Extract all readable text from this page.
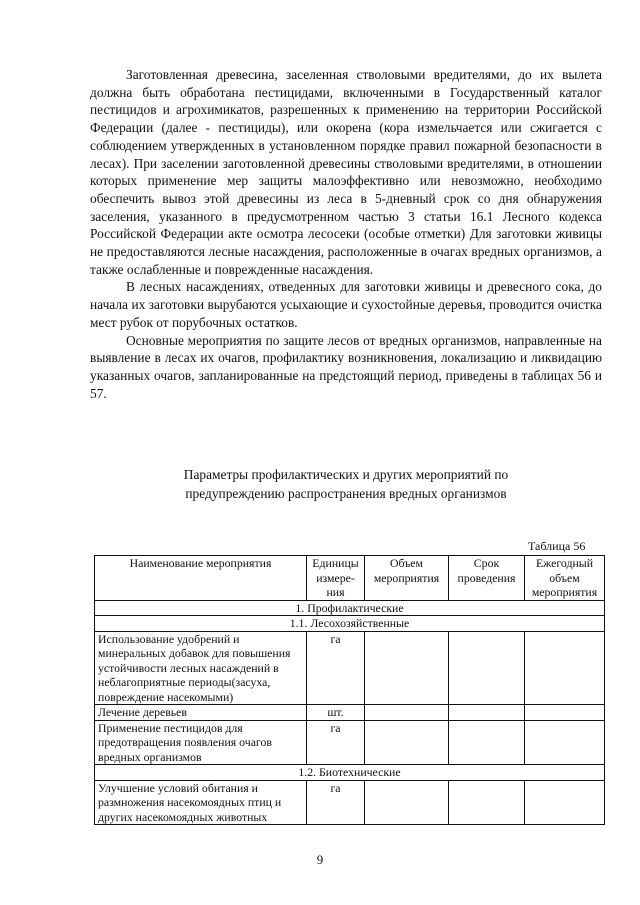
Заготовленная древесина, заселенная стволовыми вредителями, до их вылета должна быть обработана пестицидами, включенными в Государственный каталог пестицидов и агрохимикатов, разрешенных к применению на территории Российской Федерации (далее - пестициды), или окорена (кора измельчается или сжигается с соблюдением утвержденных в установленном порядке правил пожарной безопасности в лесах). При заселении заготовленной древесины стволовыми вредителями, в отношении которых применение мер защиты малоэффективно или невозможно, необходимо обеспечить вывоз этой древесины из леса в 5-дневный срок со дня обнаружения заселения, указанного в предусмотренном частью 3 статьи 16.1 Лесного кодекса Российской Федерации акте осмотра лесосеки (особые отметки) Для заготовки живицы не предоставляются лесные насаждения, расположенные в очагах вредных организмов, а также ослабленные и поврежденные насаждения.

В лесных насаждениях, отведенных для заготовки живицы и древесного сока, до начала их заготовки вырубаются усыхающие и сухостойные деревья, проводится очистка мест рубок от порубочных остатков.

Основные мероприятия по защите лесов от вредных организмов, направленные на выявление в лесах их очагов, профилактику возникновения, локализацию и ликвидацию указанных очагов, запланированные на предстоящий период, приведены в таблицах 56 и 57.

Параметры профилактических и других мероприятий по
предупреждению распространения вредных организмов
Таблица 56
Наименование мероприятия	Единицы измере-ния	Объем мероприятия	Срок проведения	Ежегодный объем мероприятия
1. Профилактические				
1.1. Лесохозяйственные				
Использование удобрений и минеральных добавок для повышения устойчивости лесных насаждений в неблагоприятные периоды(засуха, повреждение насекомыми)	га			
Лечение деревьев	шт.			
Применение пестицидов для предотвращения появления очагов вредных организмов	га			
1.2. Биотехнические				
Улучшение условий обитания и размножения насекомоядных птиц и других насекомоядных животных	га			
9
